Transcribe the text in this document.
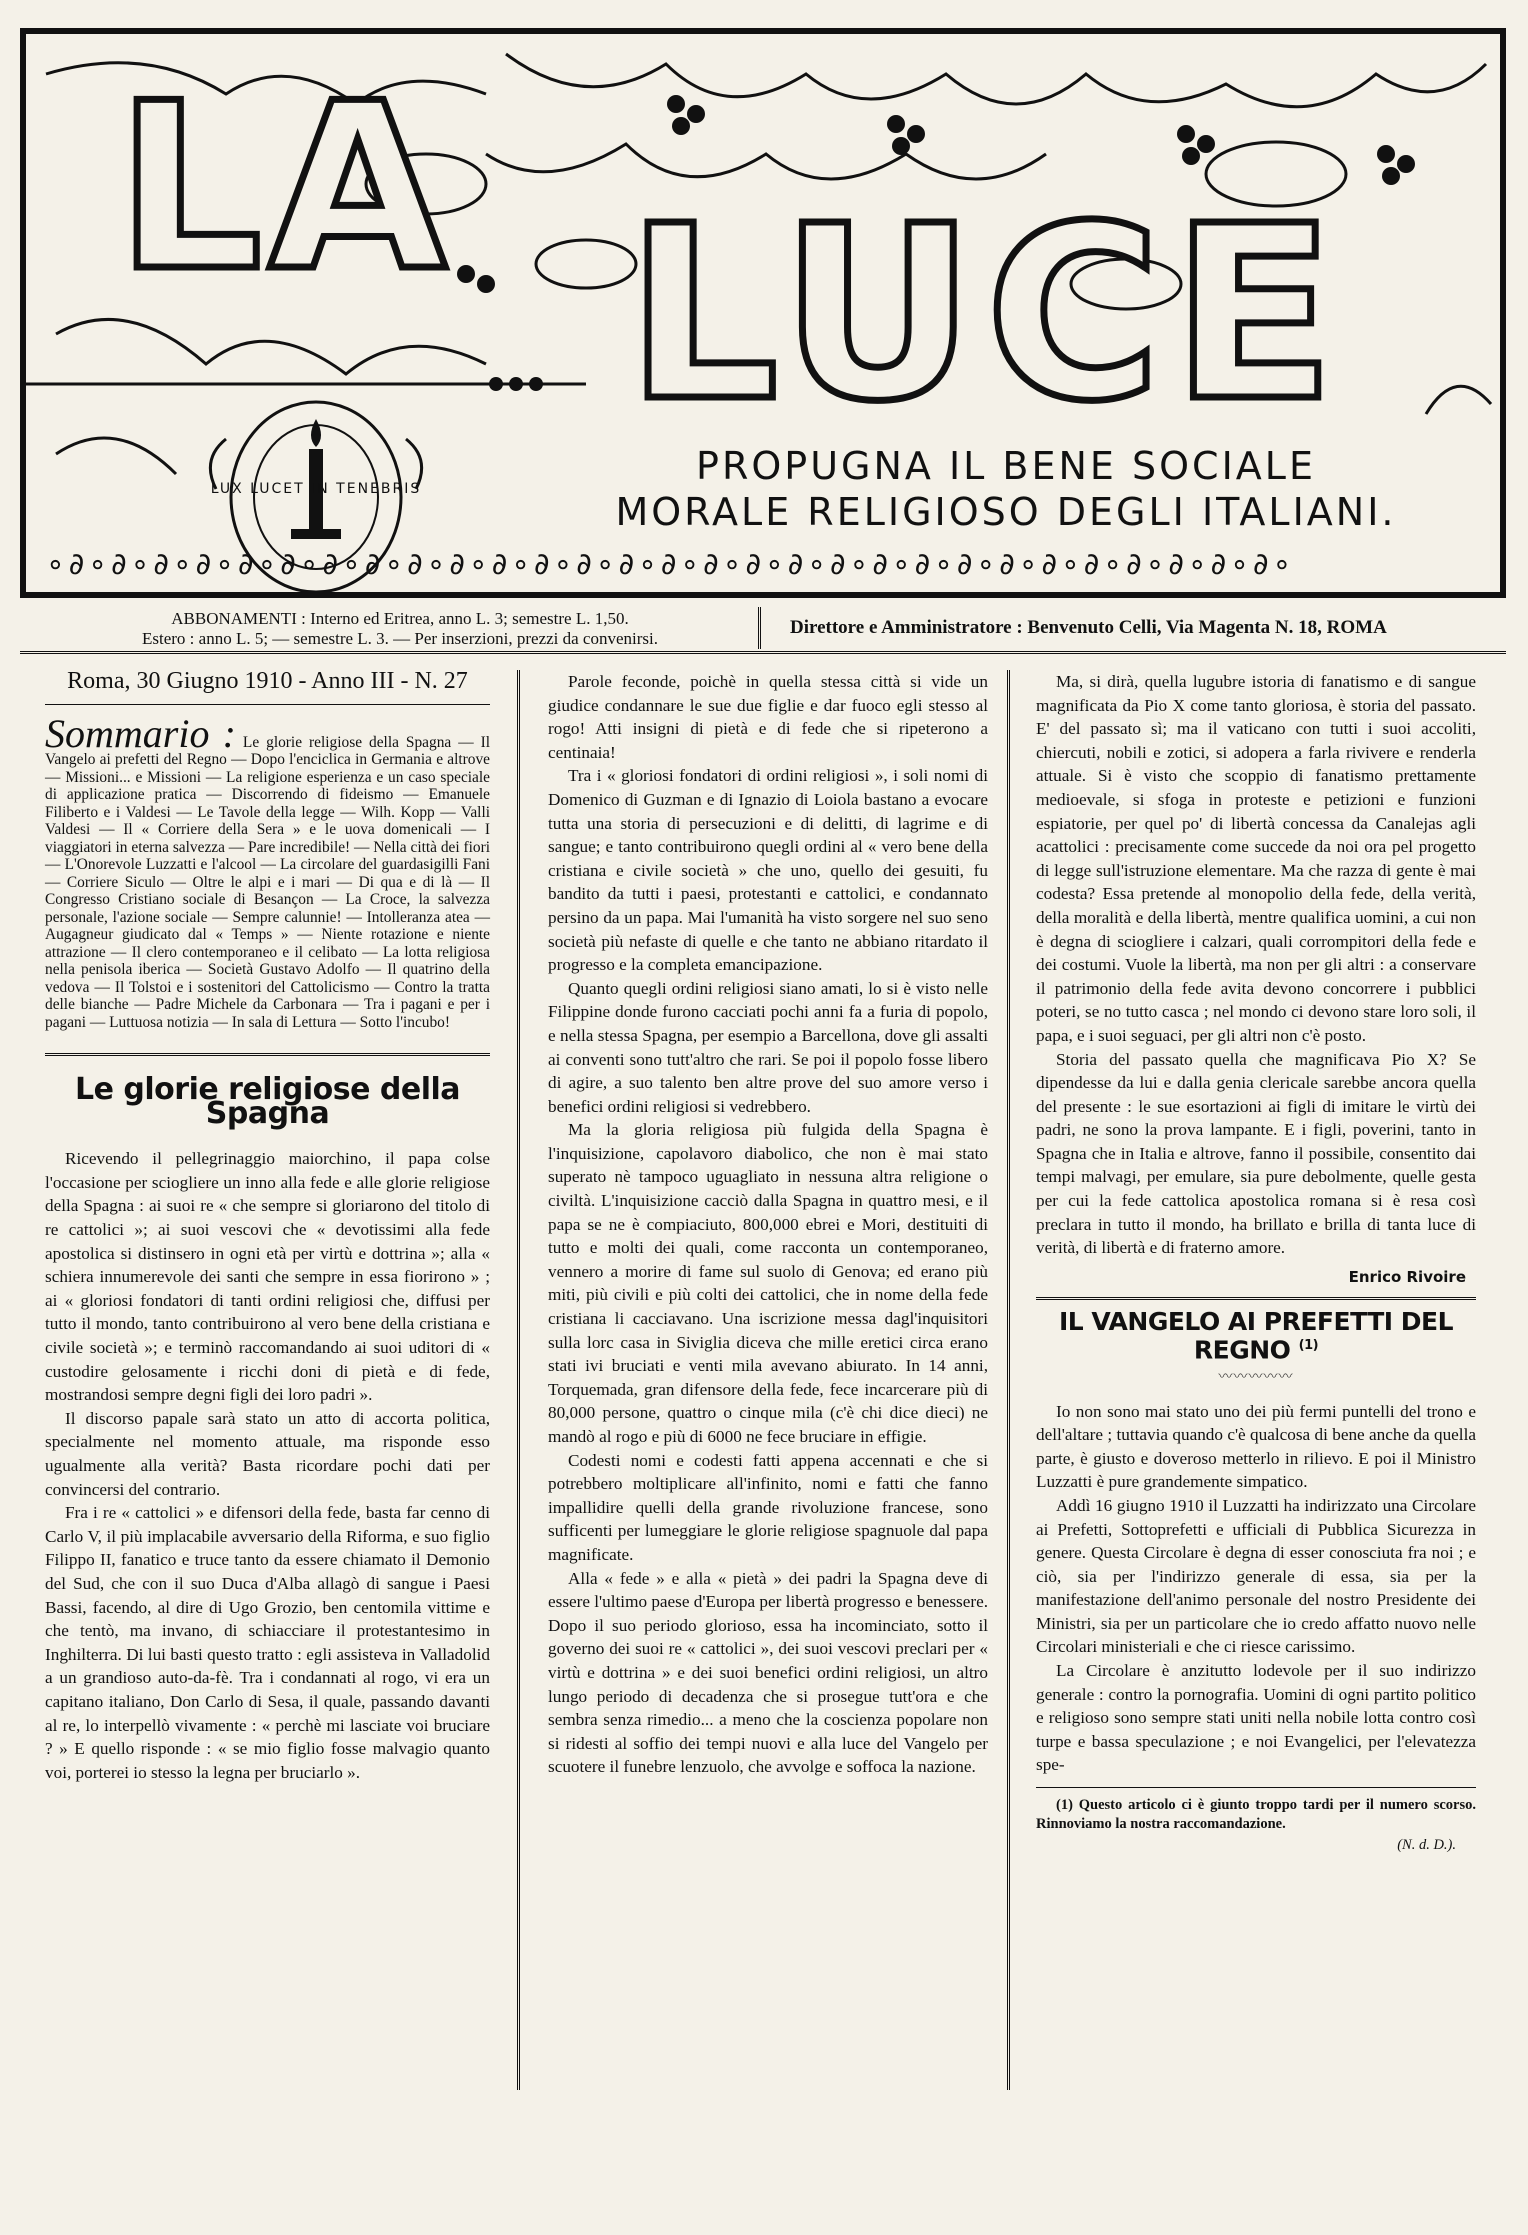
LA LUCE
LUX LUCET IN TENEBRIS
PROPUGNA IL BENE SOCIALE
MORALE RELIGIOSO DEGLI ITALIANI.
∘∂∘∂∘∂∘∂∘∂∘∂∘∂∘∂∘∂∘∂∘∂∘∂∘∂∘∂∘∂∘∂∘∂∘∂∘∂∘∂∘∂∘∂∘∂∘∂∘∂∘∂∘∂∘∂∘∂∘
ABBONAMENTI : Interno ed Eritrea, anno L. 3; semestre L. 1,50.
Estero : anno L. 5; — semestre L. 3. — Per inserzioni, prezzi da convenirsi.
Direttore e Amministratore : Benvenuto Celli, Via Magenta N. 18, ROMA
Roma, 30 Giugno 1910 - Anno III - N. 27
Sommario : Le glorie religiose della Spagna — Il Vangelo ai prefetti del Regno — Dopo l'enciclica in Germania e altrove — Missioni... e Missioni — La religione esperienza e un caso speciale di applicazione pratica — Discorrendo di fideismo — Emanuele Filiberto e i Valdesi — Le Tavole della legge — Wilh. Kopp — Valli Valdesi — Il « Corriere della Sera » e le uova domenicali — I viaggiatori in eterna salvezza — Pare incredibile! — Nella città dei fiori — L'Onorevole Luzzatti e l'alcool — La circolare del guardasigilli Fani — Corriere Siculo — Oltre le alpi e i mari — Di qua e di là — Il Congresso Cristiano sociale di Besançon — La Croce, la salvezza personale, l'azione sociale — Sempre calunnie! — Intolleranza atea — Augagneur giudicato dal « Temps » — Niente rotazione e niente attrazione — Il clero contemporaneo e il celibato — La lotta religiosa nella penisola iberica — Società Gustavo Adolfo — Il quatrino della vedova — Il Tolstoi e i sostenitori del Cattolicismo — Contro la tratta delle bianche — Padre Michele da Carbonara — Tra i pagani e per i pagani — Luttuosa notizia — In sala di Lettura — Sotto l'incubo!
Le glorie religiose della Spagna

Ricevendo il pellegrinaggio maiorchino, il papa colse l'occasione per sciogliere un inno alla fede e alle glorie religiose della Spagna : ai suoi re « che sempre si gloriarono del titolo di re cattolici »; ai suoi vescovi che « devotissimi alla fede apostolica si distinsero in ogni età per virtù e dottrina »; alla « schiera innumerevole dei santi che sempre in essa fiorirono » ; ai « gloriosi fondatori di tanti ordini religiosi che, diffusi per tutto il mondo, tanto contribuirono al vero bene della cristiana e civile società »; e terminò raccomandando ai suoi uditori di « custodire gelosamente i ricchi doni di pietà e di fede, mostrandosi sempre degni figli dei loro padri ».

Il discorso papale sarà stato un atto di accorta politica, specialmente nel momento attuale, ma risponde esso ugualmente alla verità? Basta ricordare pochi dati per convincersi del contrario.

Fra i re « cattolici » e difensori della fede, basta far cenno di Carlo V, il più implacabile avversario della Riforma, e suo figlio Filippo II, fanatico e truce tanto da essere chiamato il Demonio del Sud, che con il suo Duca d'Alba allagò di sangue i Paesi Bassi, facendo, al dire di Ugo Grozio, ben centomila vittime e che tentò, ma invano, di schiacciare il protestantesimo in Inghilterra. Di lui basti questo tratto : egli assisteva in Valladolid a un grandioso auto-da-fè. Tra i condannati al rogo, vi era un capitano italiano, Don Carlo di Sesa, il quale, passando davanti al re, lo interpellò vivamente : « perchè mi lasciate voi bruciare ? » E quello risponde : « se mio figlio fosse malvagio quanto voi, porterei io stesso la legna per bruciarlo ».

Parole feconde, poichè in quella stessa città si vide un giudice condannare le sue due figlie e dar fuoco egli stesso al rogo! Atti insigni di pietà e di fede che si ripeterono a centinaia!

Tra i « gloriosi fondatori di ordini religiosi », i soli nomi di Domenico di Guzman e di Ignazio di Loiola bastano a evocare tutta una storia di persecuzioni e di delitti, di lagrime e di sangue; e tanto contribuirono quegli ordini al « vero bene della cristiana e civile società » che uno, quello dei gesuiti, fu bandito da tutti i paesi, protestanti e cattolici, e condannato persino da un papa. Mai l'umanità ha visto sorgere nel suo seno società più nefaste di quelle e che tanto ne abbiano ritardato il progresso e la completa emancipazione.

Quanto quegli ordini religiosi siano amati, lo si è visto nelle Filippine donde furono cacciati pochi anni fa a furia di popolo, e nella stessa Spagna, per esempio a Barcellona, dove gli assalti ai conventi sono tutt'altro che rari. Se poi il popolo fosse libero di agire, a suo talento ben altre prove del suo amore verso i benefici ordini religiosi si vedrebbero.

Ma la gloria religiosa più fulgida della Spagna è l'inquisizione, capolavoro diabolico, che non è mai stato superato nè tampoco uguagliato in nessuna altra religione o civiltà. L'inquisizione cacciò dalla Spagna in quattro mesi, e il papa se ne è compiaciuto, 800,000 ebrei e Mori, destituiti di tutto e molti dei quali, come racconta un contemporaneo, vennero a morire di fame sul suolo di Genova; ed erano più miti, più civili e più colti dei cattolici, che in nome della fede cristiana li cacciavano. Una iscrizione messa dagl'inquisitori sulla lorc casa in Siviglia diceva che mille eretici circa erano stati ivi bruciati e venti mila avevano abiurato. In 14 anni, Torquemada, gran difensore della fede, fece incarcerare più di 80,000 persone, quattro o cinque mila (c'è chi dice dieci) ne mandò al rogo e più di 6000 ne fece bruciare in effigie.

Codesti nomi e codesti fatti appena accennati e che si potrebbero moltiplicare all'infinito, nomi e fatti che fanno impallidire quelli della grande rivoluzione francese, sono sufficenti per lumeggiare le glorie religiose spagnuole dal papa magnificate.

Alla « fede » e alla « pietà » dei padri la Spagna deve di essere l'ultimo paese d'Europa per libertà progresso e benessere. Dopo il suo periodo glorioso, essa ha incominciato, sotto il governo dei suoi re « cattolici », dei suoi vescovi preclari per « virtù e dottrina » e dei suoi benefici ordini religiosi, un altro lungo periodo di decadenza che si prosegue tutt'ora e che sembra senza rimedio... a meno che la coscienza popolare non si ridesti al soffio dei tempi nuovi e alla luce del Vangelo per scuotere il funebre lenzuolo, che avvolge e soffoca la nazione.

Ma, si dirà, quella lugubre istoria di fanatismo e di sangue magnificata da Pio X come tanto gloriosa, è storia del passato. E' del passato sì; ma il vaticano con tutti i suoi accoliti, chiercuti, nobili e zotici, si adopera a farla rivivere e renderla attuale. Si è visto che scoppio di fanatismo prettamente medioevale, si sfoga in proteste e petizioni e funzioni espiatorie, per quel po' di libertà concessa da Canalejas agli acattolici : precisamente come succede da noi ora pel progetto di legge sull'istruzione elementare. Ma che razza di gente è mai codesta? Essa pretende al monopolio della fede, della verità, della moralità e della libertà, mentre qualifica uomini, a cui non è degna di sciogliere i calzari, quali corrompitori della fede e dei costumi. Vuole la libertà, ma non per gli altri : a conservare il patrimonio della fede avita devono concorrere i pubblici poteri, se no tutto casca ; nel mondo ci devono stare loro soli, il papa, e i suoi seguaci, per gli altri non c'è posto.

Storia del passato quella che magnificava Pio X? Se dipendesse da lui e dalla genia clericale sarebbe ancora quella del presente : le sue esortazioni ai figli di imitare le virtù dei padri, ne sono la prova lampante. E i figli, poverini, tanto in Spagna che in Italia e altrove, fanno il possibile, consentito dai tempi malvagi, per emulare, sia pure debolmente, quelle gesta per cui la fede cattolica apostolica romana si è resa così preclara in tutto il mondo, ha brillato e brilla di tanta luce di verità, di libertà e di fraterno amore.

Enrico Rivoire
IL VANGELO AI PREFETTI DEL REGNO $^{(1)}$
〰〰〰〰〰

Io non sono mai stato uno dei più fermi puntelli del trono e dell'altare ; tuttavia quando c'è qualcosa di bene anche da quella parte, è giusto e doveroso metterlo in rilievo. E poi il Ministro Luzzatti è pure grandemente simpatico.

Addì 16 giugno 1910 il Luzzatti ha indirizzato una Circolare ai Prefetti, Sottoprefetti e ufficiali di Pubblica Sicurezza in genere. Questa Circolare è degna di esser conosciuta fra noi ; e ciò, sia per l'indirizzo generale di essa, sia per la manifestazione dell'animo personale del nostro Presidente dei Ministri, sia per un particolare che io credo affatto nuovo nelle Circolari ministeriali e che ci riesce carissimo.

La Circolare è anzitutto lodevole per il suo indirizzo generale : contro la pornografia. Uomini di ogni partito politico e religioso sono sempre stati uniti nella nobile lotta contro così turpe e bassa speculazione ; e noi Evangelici, per l'elevatezza spe-

(1) Questo articolo ci è giunto troppo tardi per il numero scorso. Rinnoviamo la nostra raccomandazione.
(N. d. D.).
